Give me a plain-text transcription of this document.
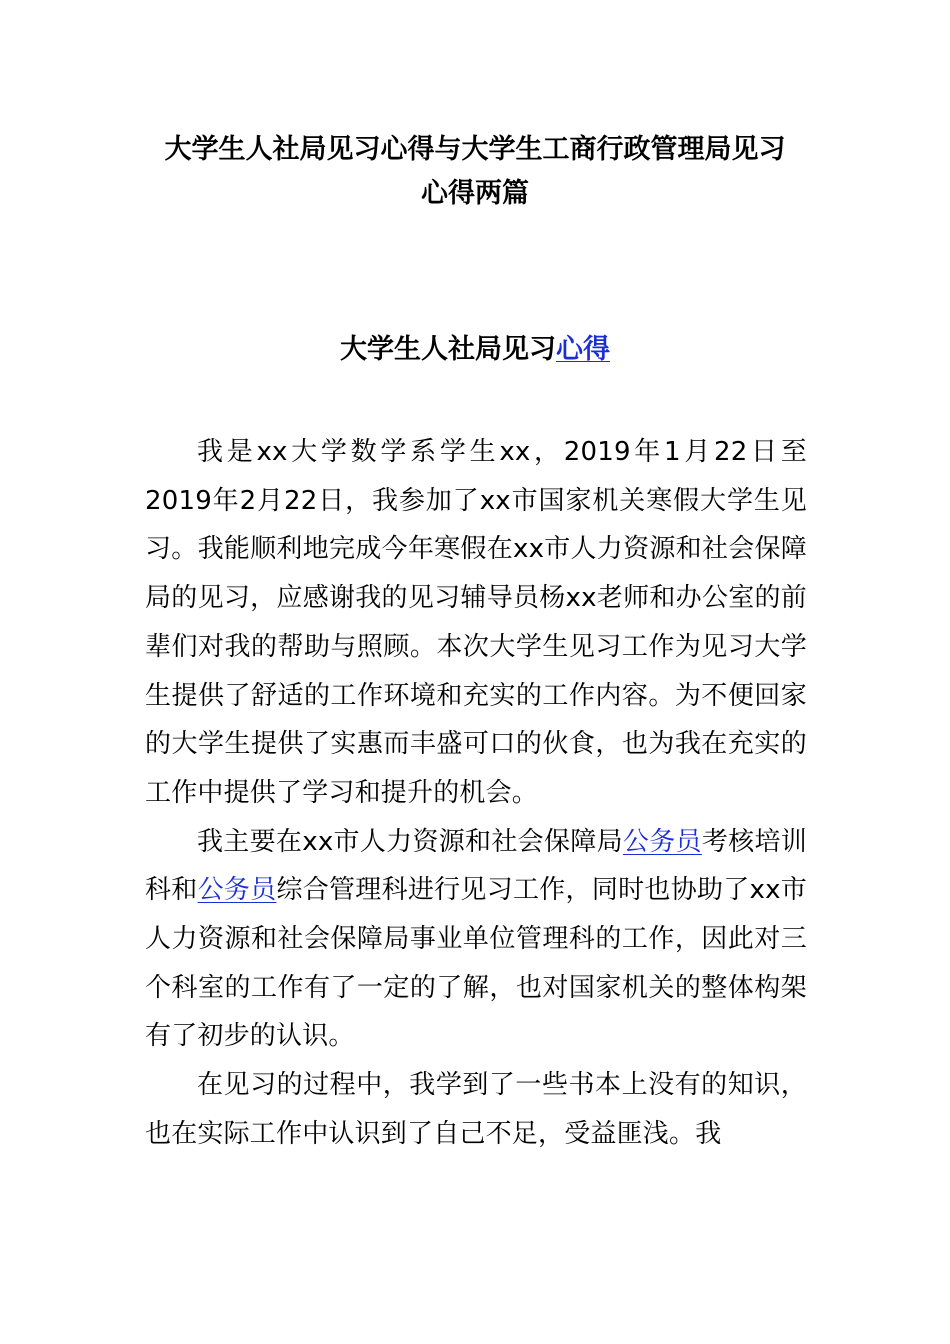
大学生人社局见习心得与大学生工商行政管理局见习
心得两篇
大学生人社局见习心得

我是xx大学数学系学生xx，2019年1月22日至2019年2月22日，我参加了xx市国家机关寒假大学生见习。我能顺利地完成今年寒假在xx市人力资源和社会保障局的见习，应感谢我的见习辅导员杨xx老师和办公室的前辈们对我的帮助与照顾。本次大学生见习工作为见习大学生提供了舒适的工作环境和充实的工作内容。为不便回家的大学生提供了实惠而丰盛可口的伙食，也为我在充实的工作中提供了学习和提升的机会。

我主要在xx市人力资源和社会保障局公务员考核培训科和公务员综合管理科进行见习工作，同时也协助了xx市人力资源和社会保障局事业单位管理科的工作，因此对三个科室的工作有了一定的了解，也对国家机关的整体构架有了初步的认识。

在见习的过程中，我学到了一些书本上没有的知识，也在实际工作中认识到了自己不足，受益匪浅。我
